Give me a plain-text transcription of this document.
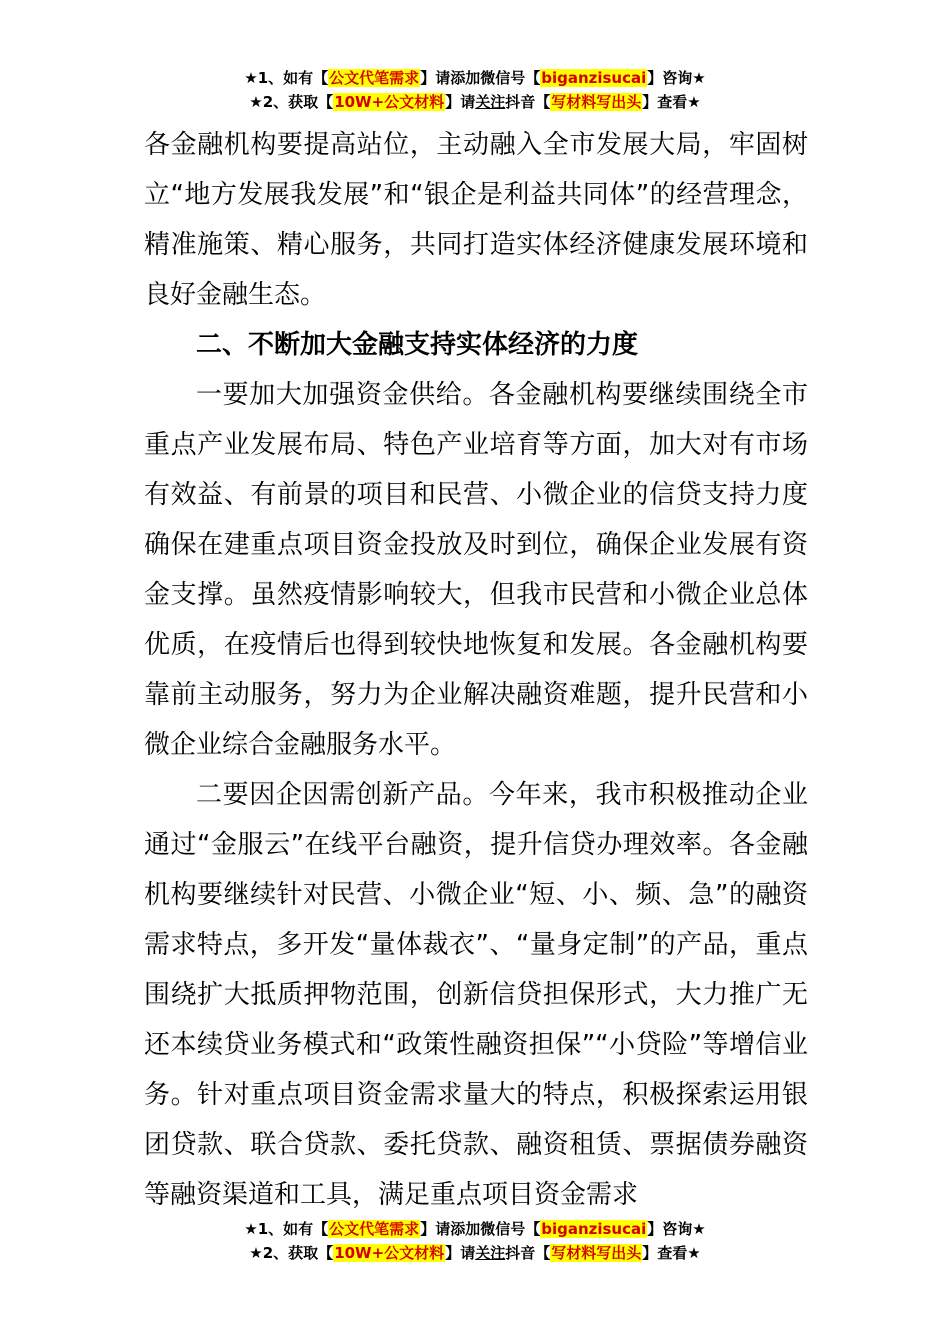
★1、如有【公文代笔需求】请添加微信号【biganzisucai】咨询★
★2、获取【10W+公文材料】请关注抖音【写材料写出头】查看★

各金融机构要提高站位，主动融入全市发展大局，牢固树立“地方发展我发展”和“银企是利益共同体”的经营理念，精准施策、精心服务，共同打造实体经济健康发展环境和良好金融生态。

二、不断加大金融支持实体经济的力度

一要加大加强资金供给。各金融机构要继续围绕全市重点产业发展布局、特色产业培育等方面，加大对有市场有效益、有前景的项目和民营、小微企业的信贷支持力度确保在建重点项目资金投放及时到位，确保企业发展有资金支撑。虽然疫情影响较大，但我市民营和小微企业总体优质，在疫情后也得到较快地恢复和发展。各金融机构要靠前主动服务，努力为企业解决融资难题，提升民营和小微企业综合金融服务水平。

二要因企因需创新产品。今年来，我市积极推动企业通过“金服云”在线平台融资，提升信贷办理效率。各金融机构要继续针对民营、小微企业“短、小、频、急”的融资需求特点，多开发“量体裁衣”、“量身定制”的产品，重点围绕扩大抵质押物范围，创新信贷担保形式，大力推广无还本续贷业务模式和“政策性融资担保”“小贷险”等增信业务。针对重点项目资金需求量大的特点，积极探索运用银团贷款、联合贷款、委托贷款、融资租赁、票据债券融资等融资渠道和工具，满足重点项目资金需求

★1、如有【公文代笔需求】请添加微信号【biganzisucai】咨询★
★2、获取【10W+公文材料】请关注抖音【写材料写出头】查看★
